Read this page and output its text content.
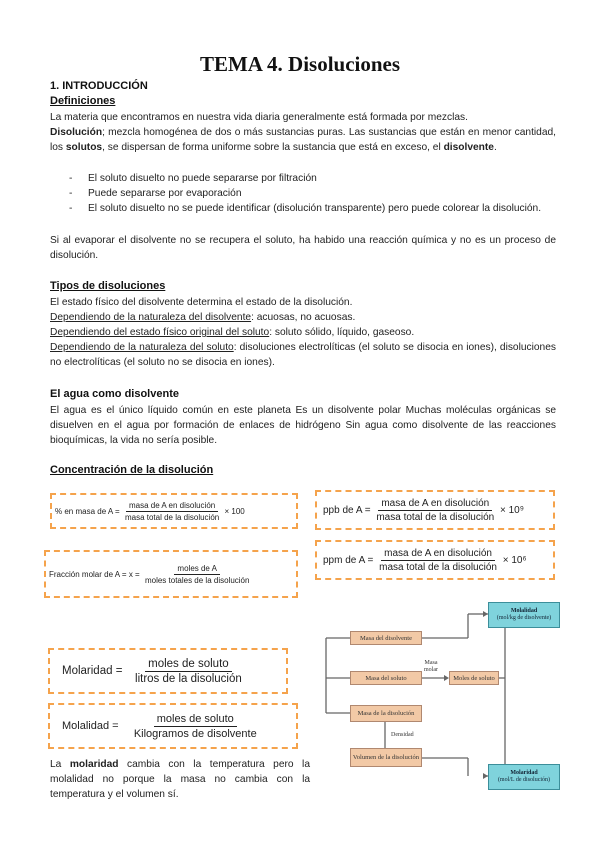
TEMA 4. Disoluciones
1. INTRODUCCIÓN
Definiciones
La materia que encontramos en nuestra vida diaria generalmente está formada por mezclas.
Disolución; mezcla homogénea de dos o más sustancias puras. Las sustancias que están en menor cantidad, los solutos, se dispersan de forma uniforme sobre la sustancia que está en exceso, el disolvente.
- El soluto disuelto no puede separarse por filtración
- Puede separarse por evaporación
- El soluto disuelto no se puede identificar (disolución transparente) pero puede colorear la disolución.
Si al evaporar el disolvente no se recupera el soluto, ha habido una reacción química y no es un proceso de disolución.
Tipos de disoluciones
El estado físico del disolvente determina el estado de la disolución.
Dependiendo de la naturaleza del disolvente: acuosas, no acuosas.
Dependiendo del estado físico original del soluto: soluto sólido, líquido, gaseoso.
Dependiendo de la naturaleza del soluto: disoluciones electrolíticas (el soluto se disocia en iones), disoluciones no electrolíticas (el soluto no se disocia en iones).
El agua como disolvente
El agua es el único líquido común en este planeta Es un disolvente polar Muchas moléculas orgánicas se disuelven en el agua por formación de enlaces de hidrógeno Sin agua como disolvente de las reacciones bioquímicas, la vida no sería posible.
Concentración de la disolución
% en masa de A =
$\frac{\text{masa de A en disolución}}{\text{masa total de la disolución}}$
× 100
Fracción molar de A = x =
$\frac{\text{moles de A}}{\text{moles totales de la disolución}}$
ppb de A =
$\frac{\text{masa de A en disolución}}{\text{masa total de la disolución}}$
× 10⁹
ppm de A =
$\frac{\text{masa de A en disolución}}{\text{masa total de la disolución}}$
× 10⁶
Molaridad =
$\frac{\text{moles de soluto}}{\text{litros de la disolución}}$
Molalidad =
$\frac{\text{moles de soluto}}{\text{Kilogramos de disolvente}}$
La molaridad cambia con la temperatura pero la molalidad no porque la masa no cambia con la temperatura y el volumen sí.
Masa del disolvente
Masa del soluto	Moles de soluto
Masa de la disolución
Volumen de la disolución
Masa molar
Densidad
Molalidad
(mol/kg de disolvente)
Molaridad
(mol/L de disolución)
